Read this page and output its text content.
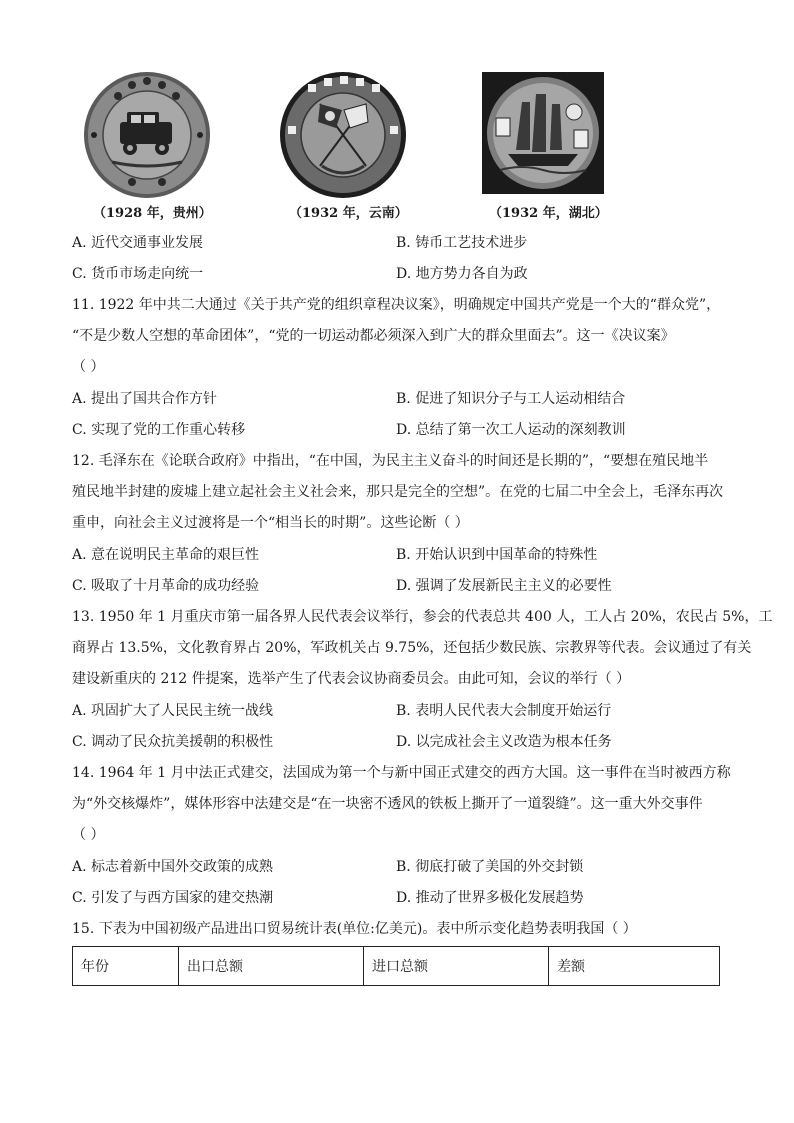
（1928 年，贵州）	（1932 年，云南）	（1932 年，湖北）
A. 近代交通事业发展	B. 铸币工艺技术进步
C. 货币市场走向统一	D. 地方势力各自为政
11. 1922 年中共二大通过《关于共产党的组织章程决议案》，明确规定中国共产党是一个大的“群众党”，
“不是少数人空想的革命团体”，“党的一切运动都必须深入到广大的群众里面去”。这一《决议案》
（ ）
A. 提出了国共合作方针	B. 促进了知识分子与工人运动相结合
C. 实现了党的工作重心转移	D. 总结了第一次工人运动的深刻教训
12. 毛泽东在《论联合政府》中指出，“在中国，为民主主义奋斗的时间还是长期的”，“要想在殖民地半
殖民地半封建的废墟上建立起社会主义社会来，那只是完全的空想”。在党的七届二中全会上，毛泽东再次
重申，向社会主义过渡将是一个“相当长的时期”。这些论断（ ）
A. 意在说明民主革命的艰巨性	B. 开始认识到中国革命的特殊性
C. 吸取了十月革命的成功经验	D. 强调了发展新民主主义的必要性
13. 1950 年 1 月重庆市第一届各界人民代表会议举行，参会的代表总共 400 人，工人占 20%，农民占 5%，工
商界占 13.5%，文化教育界占 20%，军政机关占 9.75%，还包括少数民族、宗教界等代表。会议通过了有关
建设新重庆的 212 件提案，选举产生了代表会议协商委员会。由此可知，会议的举行（ ）
A. 巩固扩大了人民民主统一战线	B. 表明人民代表大会制度开始运行
C. 调动了民众抗美援朝的积极性	D. 以完成社会主义改造为根本任务
14. 1964 年 1 月中法正式建交，法国成为第一个与新中国正式建交的西方大国。这一事件在当时被西方称
为“外交核爆炸”，媒体形容中法建交是“在一块密不透风的铁板上撕开了一道裂缝”。这一重大外交事件
（ ）
A. 标志着新中国外交政策的成熟	B. 彻底打破了美国的外交封锁
C. 引发了与西方国家的建交热潮	D. 推动了世界多极化发展趋势
15. 下表为中国初级产品进出口贸易统计表(单位:亿美元)。表中所示变化趋势表明我国（ ）
年份	出口总额	进口总额	差额
